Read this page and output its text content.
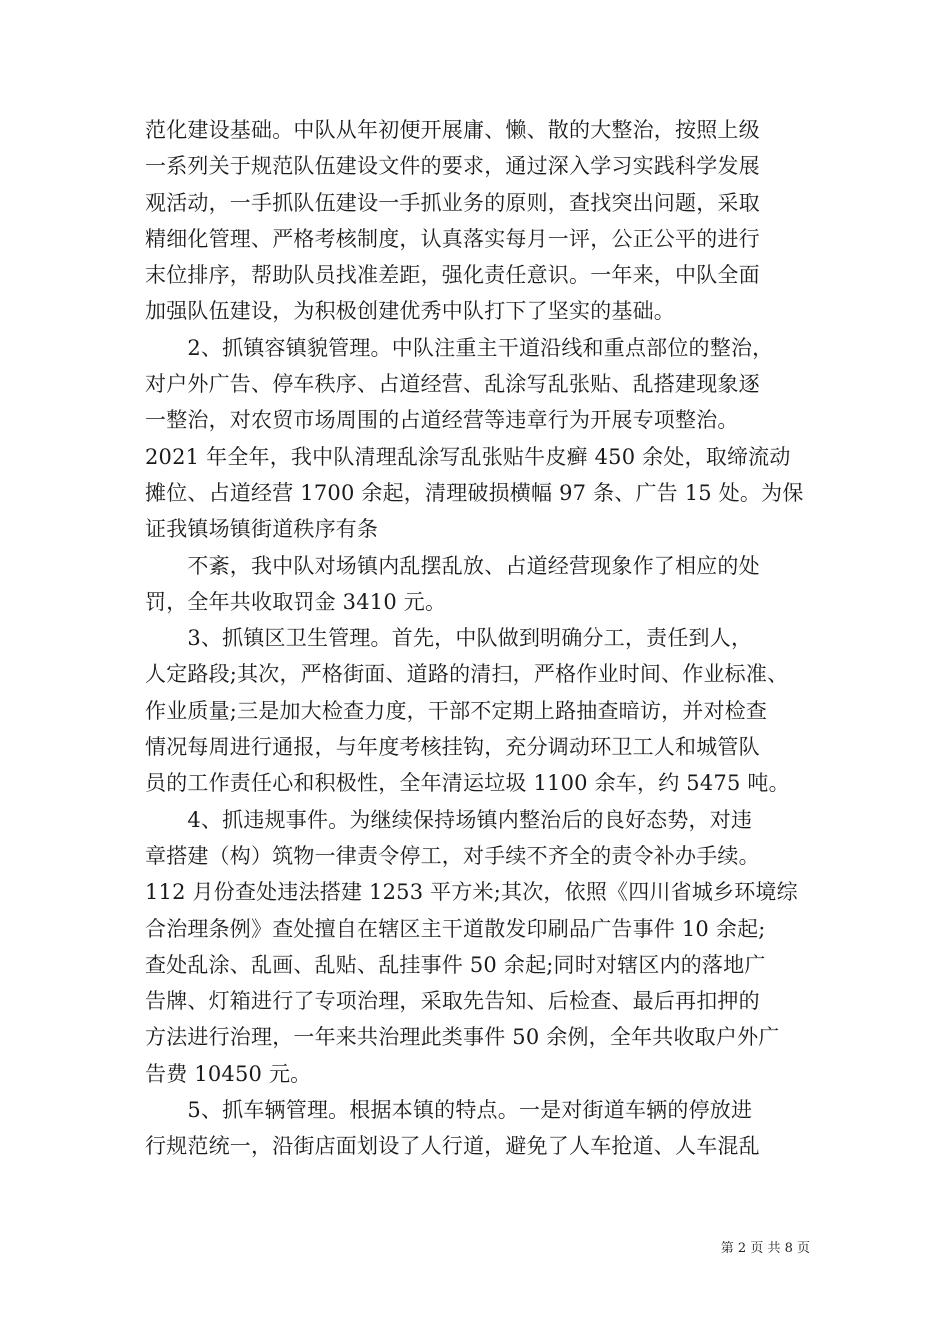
范化建设基础。中队从年初便开展庸、懒、散的大整治，按照上级
一系列关于规范队伍建设文件的要求，通过深入学习实践科学发展
观活动，一手抓队伍建设一手抓业务的原则，查找突出问题，采取
精细化管理、严格考核制度，认真落实每月一评，公正公平的进行
末位排序，帮助队员找准差距，强化责任意识。一年来，中队全面
加强队伍建设，为积极创建优秀中队打下了坚实的基础。
　　2、抓镇容镇貌管理。中队注重主干道沿线和重点部位的整治，
对户外广告、停车秩序、占道经营、乱涂写乱张贴、乱搭建现象逐
一整治，对农贸市场周围的占道经营等违章行为开展专项整治。
2021 年全年，我中队清理乱涂写乱张贴牛皮癣 450 余处，取缔流动
摊位、占道经营 1700 余起，清理破损横幅 97 条、广告 15 处。为保
证我镇场镇街道秩序有条
　　不紊，我中队对场镇内乱摆乱放、占道经营现象作了相应的处
罚，全年共收取罚金 3410 元。
　　3、抓镇区卫生管理。首先，中队做到明确分工，责任到人，
人定路段;其次，严格街面、道路的清扫，严格作业时间、作业标准、
作业质量;三是加大检查力度，干部不定期上路抽查暗访，并对检查
情况每周进行通报，与年度考核挂钩，充分调动环卫工人和城管队
员的工作责任心和积极性，全年清运垃圾 1100 余车，约 5475 吨。
　　4、抓违规事件。为继续保持场镇内整治后的良好态势，对违
章搭建（构）筑物一律责令停工，对手续不齐全的责令补办手续。
112 月份查处违法搭建 1253 平方米;其次，依照《四川省城乡环境综
合治理条例》查处擅自在辖区主干道散发印刷品广告事件 10 余起;
查处乱涂、乱画、乱贴、乱挂事件 50 余起;同时对辖区内的落地广
告牌、灯箱进行了专项治理，采取先告知、后检查、最后再扣押的
方法进行治理，一年来共治理此类事件 50 余例，全年共收取户外广
告费 10450 元。
　　5、抓车辆管理。根据本镇的特点。一是对街道车辆的停放进
行规范统一，沿街店面划设了人行道，避免了人车抢道、人车混乱
第 2 页 共 8 页
